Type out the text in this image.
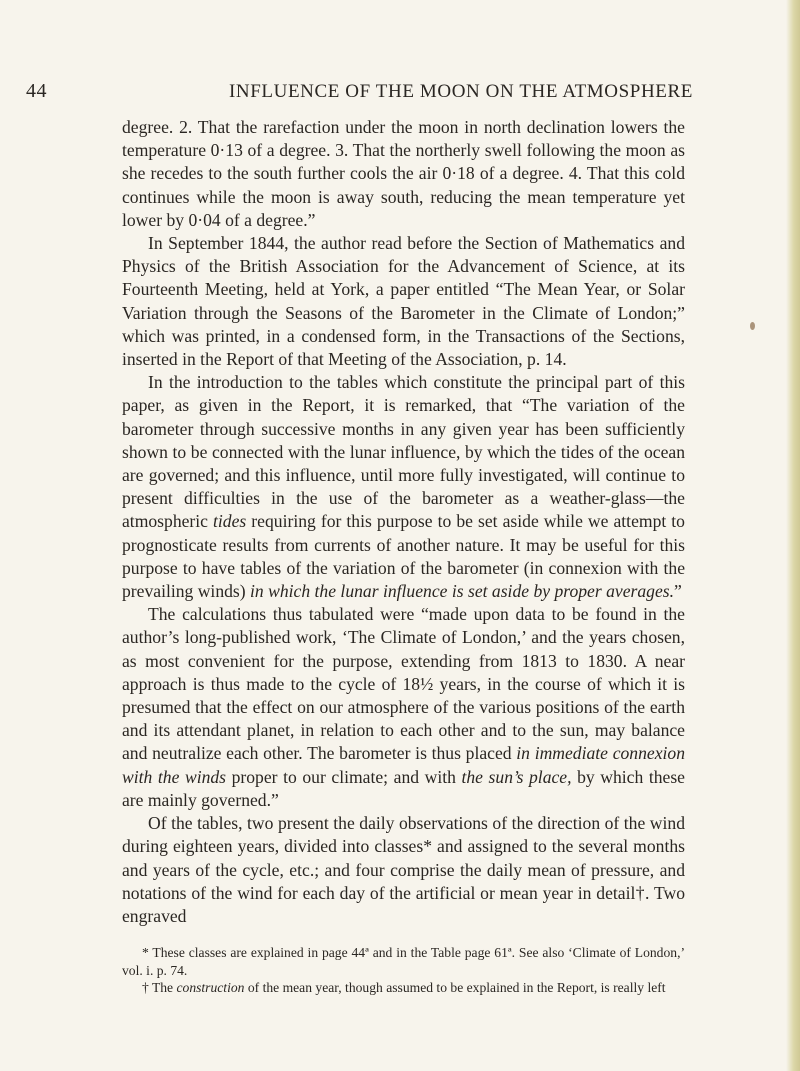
44	INFLUENCE OF THE MOON ON THE ATMOSPHERE

degree. 2. That the rarefaction under the moon in north declination lowers the temperature 0·13 of a degree. 3. That the northerly swell following the moon as she recedes to the south further cools the air 0·18 of a degree. 4. That this cold continues while the moon is away south, reducing the mean temperature yet lower by 0·04 of a degree.”

In September 1844, the author read before the Section of Mathematics and Physics of the British Association for the Advancement of Science, at its Fourteenth Meeting, held at York, a paper entitled “The Mean Year, or Solar Variation through the Seasons of the Barometer in the Climate of London;” which was printed, in a condensed form, in the Transactions of the Sections, inserted in the Report of that Meeting of the Association, p. 14.

In the introduction to the tables which constitute the principal part of this paper, as given in the Report, it is remarked, that “The variation of the barometer through successive months in any given year has been sufficiently shown to be connected with the lunar influence, by which the tides of the ocean are governed; and this influence, until more fully investigated, will continue to present difficulties in the use of the barometer as a weather-glass—the atmospheric tides requiring for this purpose to be set aside while we attempt to prognosticate results from currents of another nature. It may be useful for this purpose to have tables of the variation of the barometer (in connexion with the prevailing winds) in which the lunar influence is set aside by proper averages.”

The calculations thus tabulated were “made upon data to be found in the author’s long-published work, ‘The Climate of London,’ and the years chosen, as most convenient for the purpose, extending from 1813 to 1830. A near approach is thus made to the cycle of 18½ years, in the course of which it is presumed that the effect on our atmosphere of the various positions of the earth and its attendant planet, in relation to each other and to the sun, may balance and neutralize each other. The barometer is thus placed in immediate connexion with the winds proper to our climate; and with the sun’s place, by which these are mainly governed.”

Of the tables, two present the daily observations of the direction of the wind during eighteen years, divided into classes* and assigned to the several months and years of the cycle, etc.; and four comprise the daily mean of pressure, and notations of the wind for each day of the artificial or mean year in detail†. Two engraved

* These classes are explained in page 44ª and in the Table page 61ª. See also ‘Climate of London,’ vol. i. p. 74.

† The construction of the mean year, though assumed to be explained in the Report, is really left
